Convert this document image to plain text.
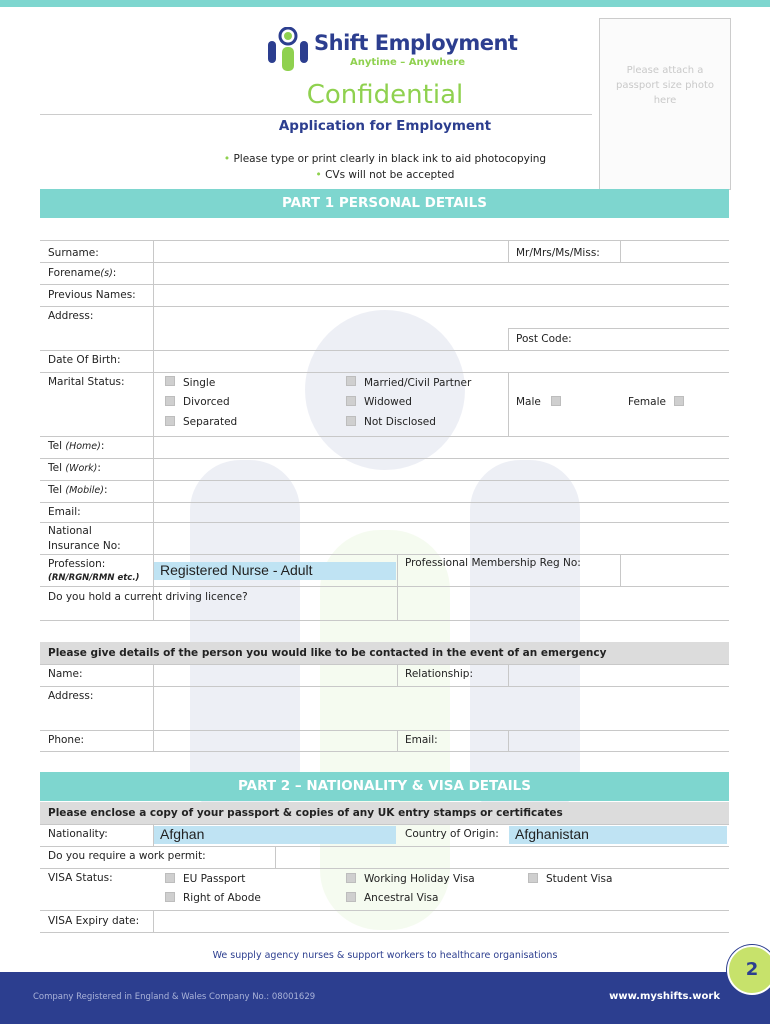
Shift Employment
Anytime – Anywhere
Please attach a passport size photo here
Confidential
Application for Employment
• Please type or print clearly in black ink to aid photocopying
• CVs will not be accepted
PART 1 PERSONAL DETAILS
Surname:	Mr/Mrs/Ms/Miss:
Forename(s):
Previous Names:
Address:
Post Code:
Date Of Birth:
Marital Status:	Single	Married/Civil Partner
Divorced	Widowed
Separated	Not Disclosed
Male	Female
Tel (Home):
Tel (Work):
Tel (Mobile):
Email:
National
Insurance No:
Profession:
(RN/RGN/RMN etc.)	Registered Nurse - Adult	Professional Membership Reg No:
Do you hold a current driving licence?
Please give details of the person you would like to be contacted in the event of an emergency
Name:	Relationship:
Address:
Phone:	Email:
PART 2 – NATIONALITY & VISA DETAILS
Please enclose a copy of your passport & copies of any UK entry stamps or certificates
Nationality:	Afghan	Country of Origin:	Afghanistan
Do you require a work permit:
VISA Status:	EU Passport	Working Holiday Visa	Student Visa
Right of Abode	Ancestral Visa
VISA Expiry date:
We supply agency nurses & support workers to healthcare organisations
Company Registered in England & Wales Company No.: 08001629	www.myshifts.work
2
